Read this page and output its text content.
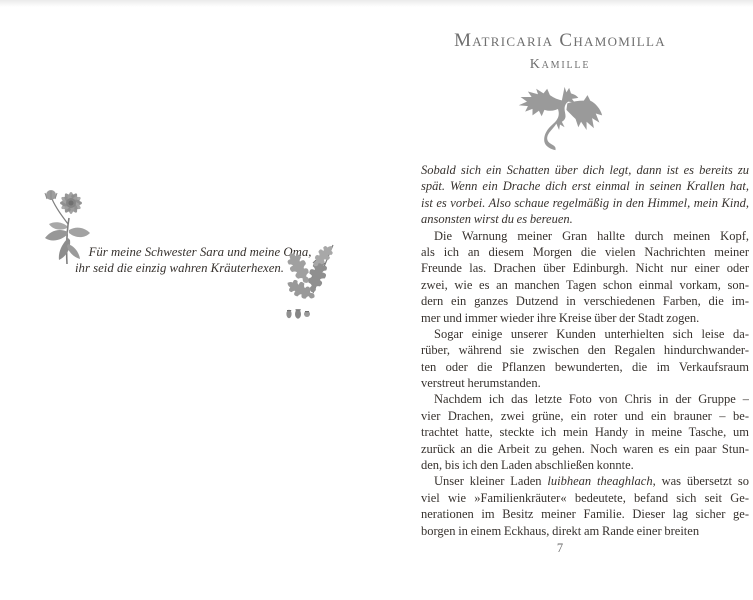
Für meine Schwester Sara und meine Oma,
ihr seid die einzig wahren Kräuterhexen.
Matricaria Chamomilla
Kamille
Sobald sich ein Schatten über dich legt, dann ist es bereits zu
spät. Wenn ein Drache dich erst einmal in seinen Krallen hat,
ist es vorbei. Also schaue regelmäßig in den Himmel, mein Kind,
ansonsten wirst du es bereuen.
Die Warnung meiner Gran hallte durch meinen Kopf,
als ich an diesem Morgen die vielen Nachrichten meiner
Freunde las. Drachen über Edinburgh. Nicht nur einer oder
zwei, wie es an manchen Tagen schon einmal vorkam, son-
dern ein ganzes Dutzend in verschiedenen Farben, die im-
mer und immer wieder ihre Kreise über der Stadt zogen.
Sogar einige unserer Kunden unterhielten sich leise da-
rüber, während sie zwischen den Regalen hindurchwander-
ten oder die Pflanzen bewunderten, die im Verkaufsraum
verstreut herumstanden.
Nachdem ich das letzte Foto von Chris in der Gruppe –
vier Drachen, zwei grüne, ein roter und ein brauner – be-
trachtet hatte, steckte ich mein Handy in meine Tasche, um
zurück an die Arbeit zu gehen. Noch waren es ein paar Stun-
den, bis ich den Laden abschließen konnte.
Unser kleiner Laden luibhean theaghlach, was übersetzt so
viel wie »Familienkräuter« bedeutete, befand sich seit Ge-
nerationen im Besitz meiner Familie. Dieser lag sicher ge-
borgen in einem Eckhaus, direkt am Rande einer breiten
7
